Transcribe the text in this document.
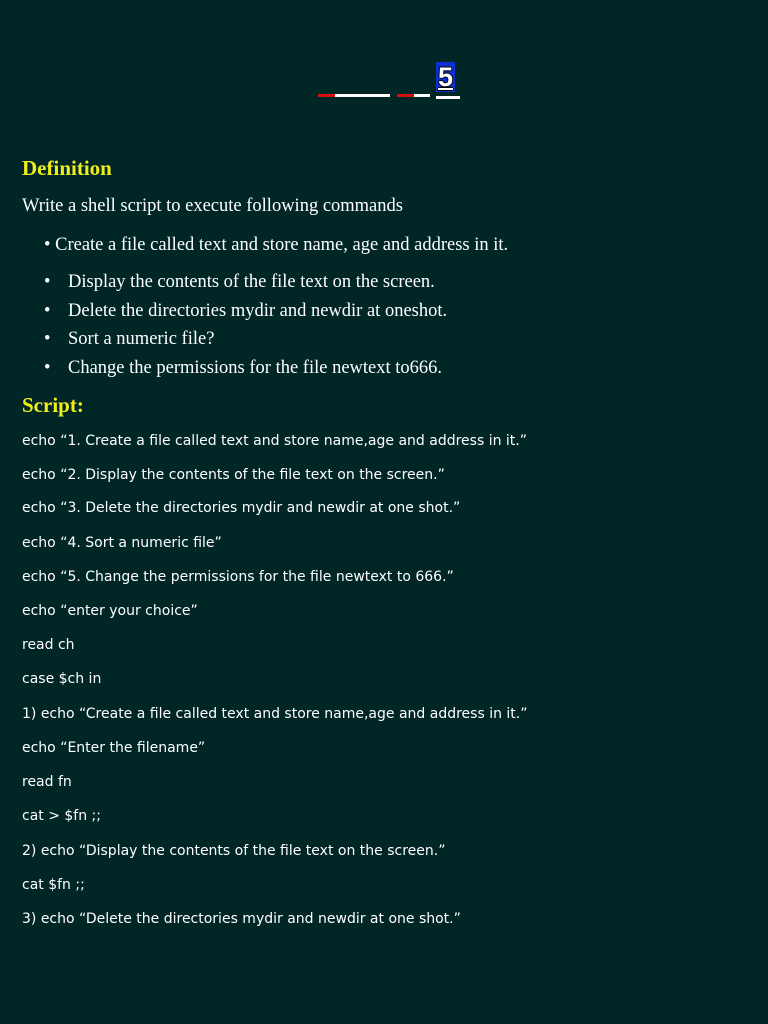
5
Definition

Write a shell script to execute following commands

• Create a file called text and store name, age and address in it.

• Display the contents of the file text on the screen.
• Delete the directories mydir and newdir at oneshot.
• Sort a numeric file?
• Change the permissions for the file newtext to666.
Script:

echo “1. Create a file called text and store name,age and address in it.”

echo “2. Display the contents of the file text on the screen.”

echo “3. Delete the directories mydir and newdir at one shot.”

echo “4. Sort a numeric file”

echo “5. Change the permissions for the file newtext to 666.”

echo “enter your choice”

read ch

case $ch in

1) echo “Create a file called text and store name,age and address in it.”

echo “Enter the filename”

read fn

cat > $fn ;;

2) echo “Display the contents of the file text on the screen.”

cat $fn ;;

3) echo “Delete the directories mydir and newdir at one shot.”
